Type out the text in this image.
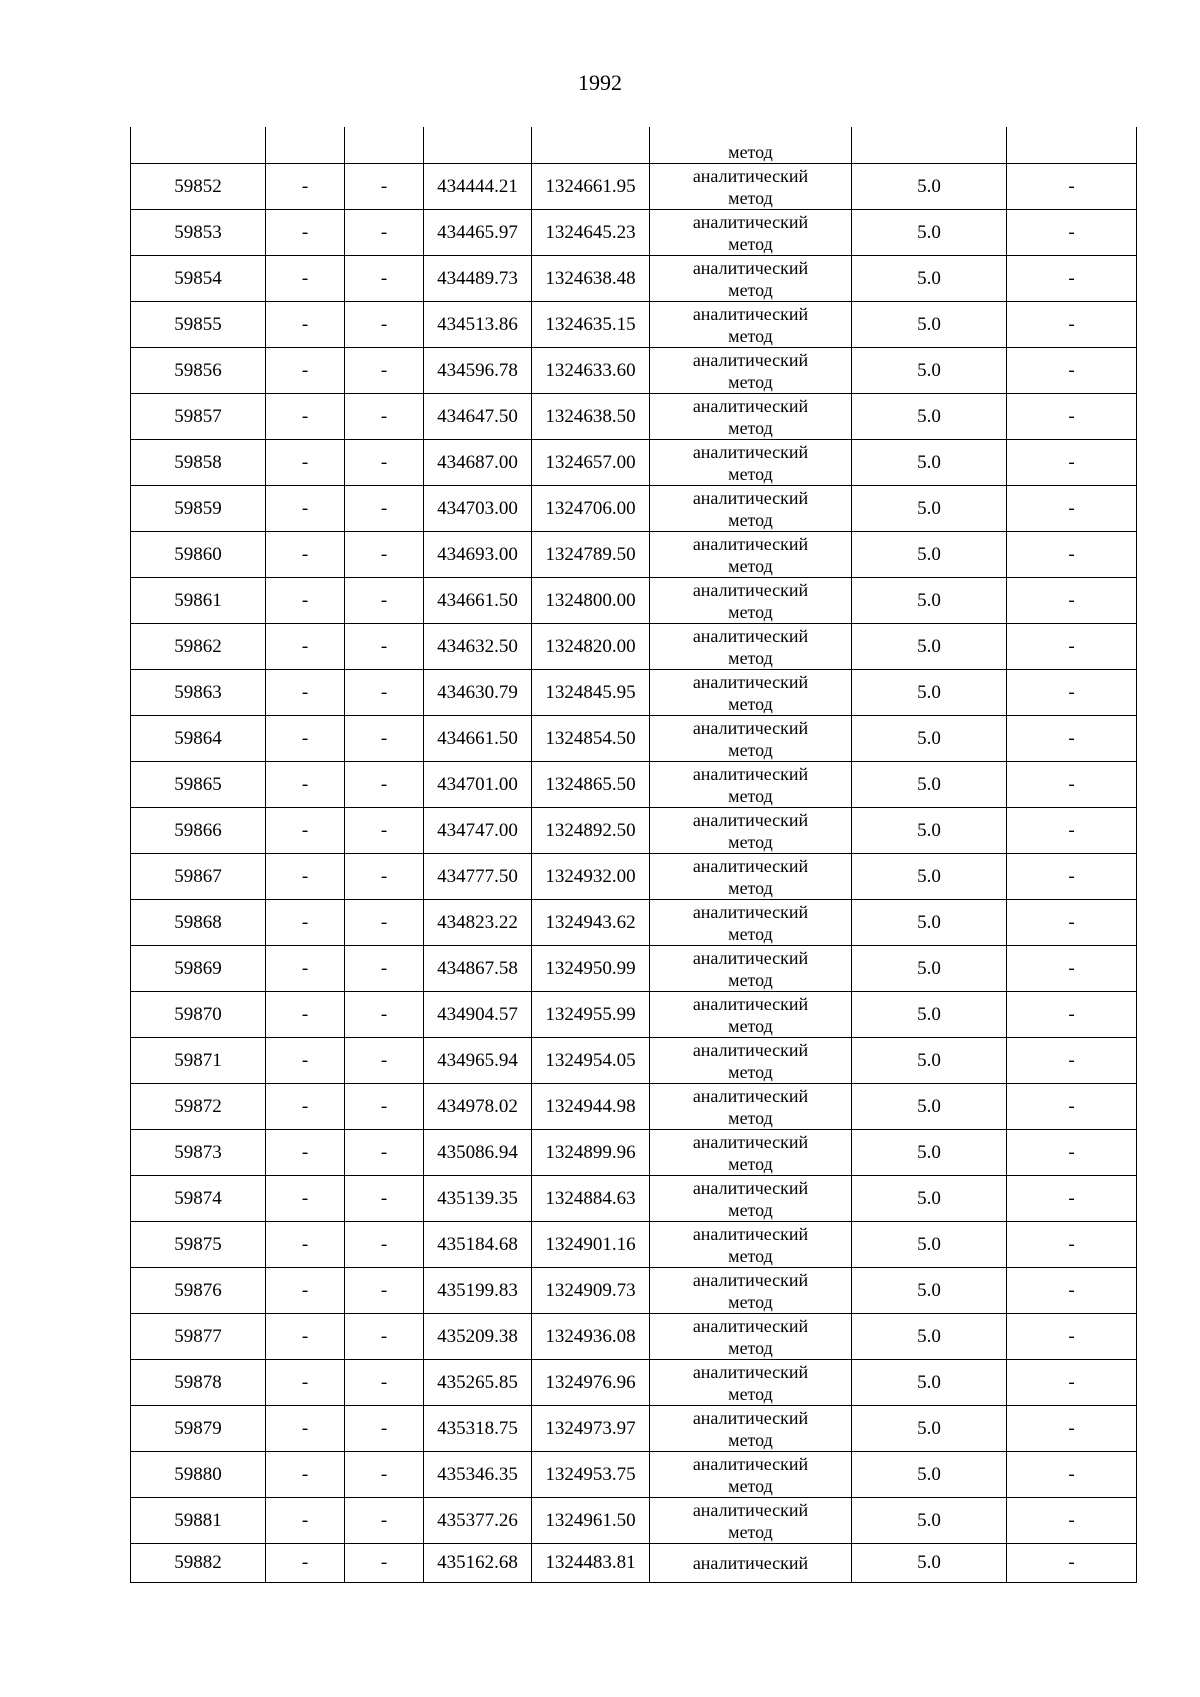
1992
					метод		
59852	-	-	434444.21	1324661.95	аналитический
метод	5.0	-
59853	-	-	434465.97	1324645.23	аналитический
метод	5.0	-
59854	-	-	434489.73	1324638.48	аналитический
метод	5.0	-
59855	-	-	434513.86	1324635.15	аналитический
метод	5.0	-
59856	-	-	434596.78	1324633.60	аналитический
метод	5.0	-
59857	-	-	434647.50	1324638.50	аналитический
метод	5.0	-
59858	-	-	434687.00	1324657.00	аналитический
метод	5.0	-
59859	-	-	434703.00	1324706.00	аналитический
метод	5.0	-
59860	-	-	434693.00	1324789.50	аналитический
метод	5.0	-
59861	-	-	434661.50	1324800.00	аналитический
метод	5.0	-
59862	-	-	434632.50	1324820.00	аналитический
метод	5.0	-
59863	-	-	434630.79	1324845.95	аналитический
метод	5.0	-
59864	-	-	434661.50	1324854.50	аналитический
метод	5.0	-
59865	-	-	434701.00	1324865.50	аналитический
метод	5.0	-
59866	-	-	434747.00	1324892.50	аналитический
метод	5.0	-
59867	-	-	434777.50	1324932.00	аналитический
метод	5.0	-
59868	-	-	434823.22	1324943.62	аналитический
метод	5.0	-
59869	-	-	434867.58	1324950.99	аналитический
метод	5.0	-
59870	-	-	434904.57	1324955.99	аналитический
метод	5.0	-
59871	-	-	434965.94	1324954.05	аналитический
метод	5.0	-
59872	-	-	434978.02	1324944.98	аналитический
метод	5.0	-
59873	-	-	435086.94	1324899.96	аналитический
метод	5.0	-
59874	-	-	435139.35	1324884.63	аналитический
метод	5.0	-
59875	-	-	435184.68	1324901.16	аналитический
метод	5.0	-
59876	-	-	435199.83	1324909.73	аналитический
метод	5.0	-
59877	-	-	435209.38	1324936.08	аналитический
метод	5.0	-
59878	-	-	435265.85	1324976.96	аналитический
метод	5.0	-
59879	-	-	435318.75	1324973.97	аналитический
метод	5.0	-
59880	-	-	435346.35	1324953.75	аналитический
метод	5.0	-
59881	-	-	435377.26	1324961.50	аналитический
метод	5.0	-
59882	-	-	435162.68	1324483.81	аналитический	5.0	-
